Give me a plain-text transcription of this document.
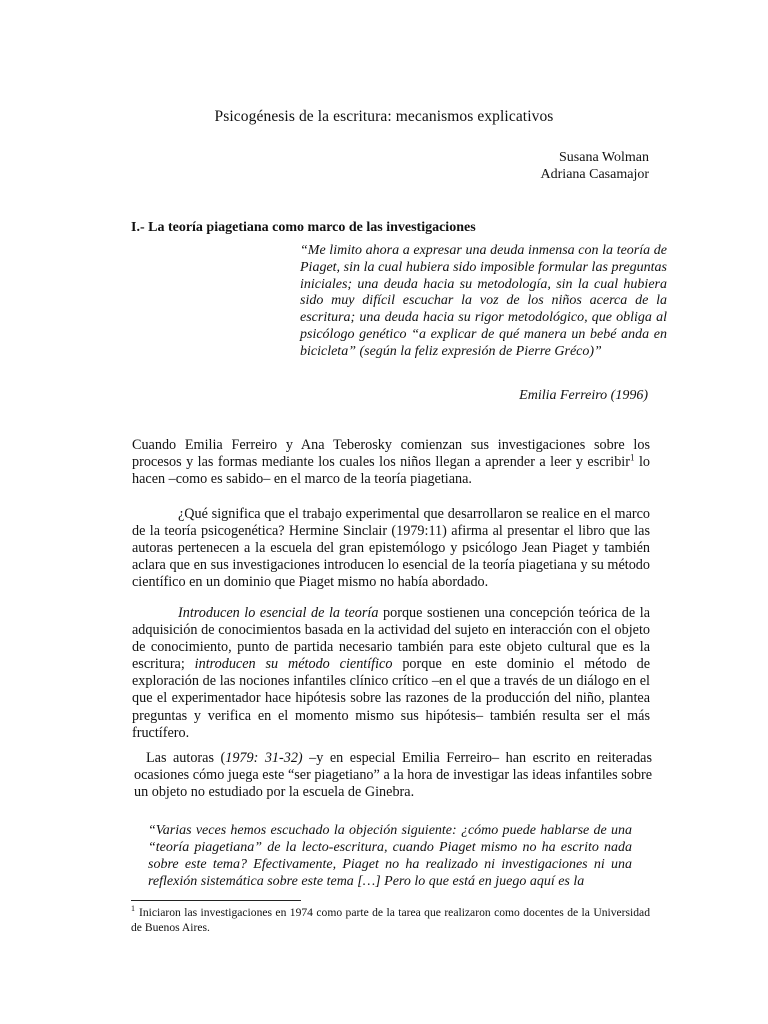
Psicogénesis de la escritura: mecanismos explicativos
Susana Wolman
Adriana Casamajor
I.- La teoría piagetiana como marco de las investigaciones
“Me limito ahora a expresar una deuda inmensa con la teoría de Piaget, sin la cual hubiera sido imposible formular las preguntas iniciales; una deuda hacia su metodología, sin la cual hubiera sido muy difícil escuchar la voz de los niños acerca de la escritura; una deuda hacia su rigor metodológico, que obliga al psicólogo genético “a explicar de qué manera un bebé anda en bicicleta” (según la feliz expresión de Pierre Gréco)”
Emilia Ferreiro (1996)
Cuando Emilia Ferreiro y Ana Teberosky comienzan sus investigaciones sobre los procesos y las formas mediante los cuales los niños llegan a aprender a leer y escribir$^1$ lo hacen –como es sabido– en el marco de la teoría piagetiana.
¿Qué significa que el trabajo experimental que desarrollaron se realice en el marco de la teoría psicogenética? Hermine Sinclair (1979:11) afirma al presentar el libro que las autoras pertenecen a la escuela del gran epistemólogo y psicólogo Jean Piaget y también aclara que en sus investigaciones introducen lo esencial de la teoría piagetiana y su método científico en un dominio que Piaget mismo no había abordado.
Introducen lo esencial de la teoría porque sostienen una concepción teórica de la adquisición de conocimientos basada en la actividad del sujeto en interacción con el objeto de conocimiento, punto de partida necesario también para este objeto cultural que es la escritura; introducen su método científico porque en este dominio el método de exploración de las nociones infantiles clínico crítico –en el que a través de un diálogo en el que el experimentador hace hipótesis sobre las razones de la producción del niño, plantea preguntas y verifica en el momento mismo sus hipótesis– también resulta ser el más fructífero.
Las autoras (1979: 31-32) –y en especial Emilia Ferreiro– han escrito en reiteradas ocasiones cómo juega este “ser piagetiano” a la hora de investigar las ideas infantiles sobre un objeto no estudiado por la escuela de Ginebra.
“Varias veces hemos escuchado la objeción siguiente: ¿cómo puede hablarse de una “teoría piagetiana” de la lecto-escritura, cuando Piaget mismo no ha escrito nada sobre este tema? Efectivamente, Piaget no ha realizado ni investigaciones ni una reflexión sistemática sobre este tema […] Pero lo que está en juego aquí es la
$^1$ Iniciaron las investigaciones en 1974 como parte de la tarea que realizaron como docentes de la Universidad de Buenos Aires.
